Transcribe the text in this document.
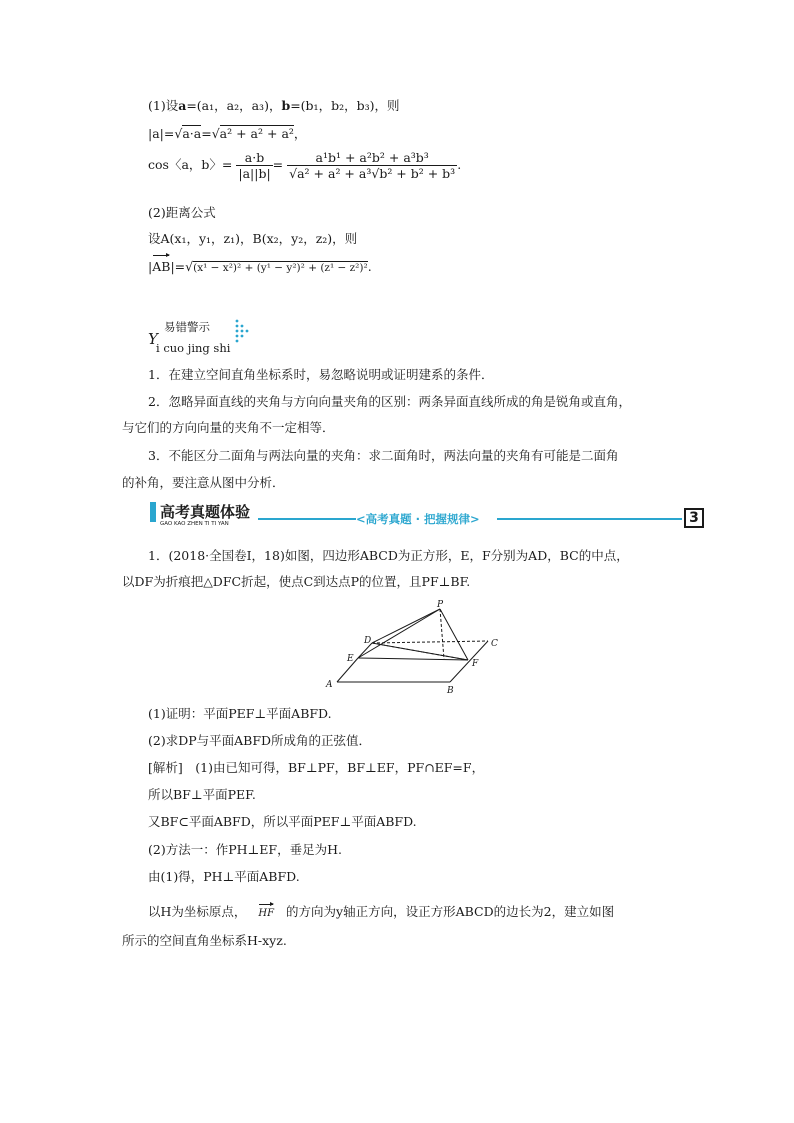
(1)设a=(a₁，a₂，a₃)，b=(b₁，b₂，b₃)，则
|a|=√a·a=√a² + a² + a²，
cos〈a，b〉= $\frac{a\cdot b}{|a||b|} = \frac{\text{a¹b¹ + a²b² + a³b³}}{\text{√a² + a² + a³√b² + b² + b³}}$ .
(2)距离公式
设A(x₁，y₁，z₁)，B(x₂，y₂，z₂)，则
|AB|=√(x¹ − x²)² + (y¹ − y²)² + (z¹ − z²)².
易错警示
Y
i cuo jing shi
1．在建立空间直角坐标系时，易忽略说明或证明建系的条件．
2．忽略异面直线的夹角与方向向量夹角的区别：两条异面直线所成的角是锐角或直角，
与它们的方向向量的夹角不一定相等．
3．不能区分二面角与两法向量的夹角：求二面角时，两法向量的夹角有可能是二面角
的补角，要注意从图中分析．
高考真题体验
GAO KAO ZHEN TI TI YAN	<高考真题 · 把握规律>	3
1．(2018·全国卷Ⅰ，18)如图，四边形ABCD为正方形，E，F分别为AD，BC的中点，
以DF为折痕把△DFC折起，使点C到达点P的位置，且PF⊥BF.
P
D	C
E	F
A
B
(1)证明：平面PEF⊥平面ABFD.
(2)求DP与平面ABFD所成角的正弦值．
[解析]　(1)由已知可得，BF⊥PF，BF⊥EF，PF∩EF=F，
所以BF⊥平面PEF.
又BF⊂平面ABFD，所以平面PEF⊥平面ABFD.
(2)方法一：作PH⊥EF，垂足为H.
由(1)得，PH⊥平面ABFD.
以H为坐标原点， HF 的方向为y轴正方向，设正方形ABCD的边长为2，建立如图
所示的空间直角坐标系H-xyz.
